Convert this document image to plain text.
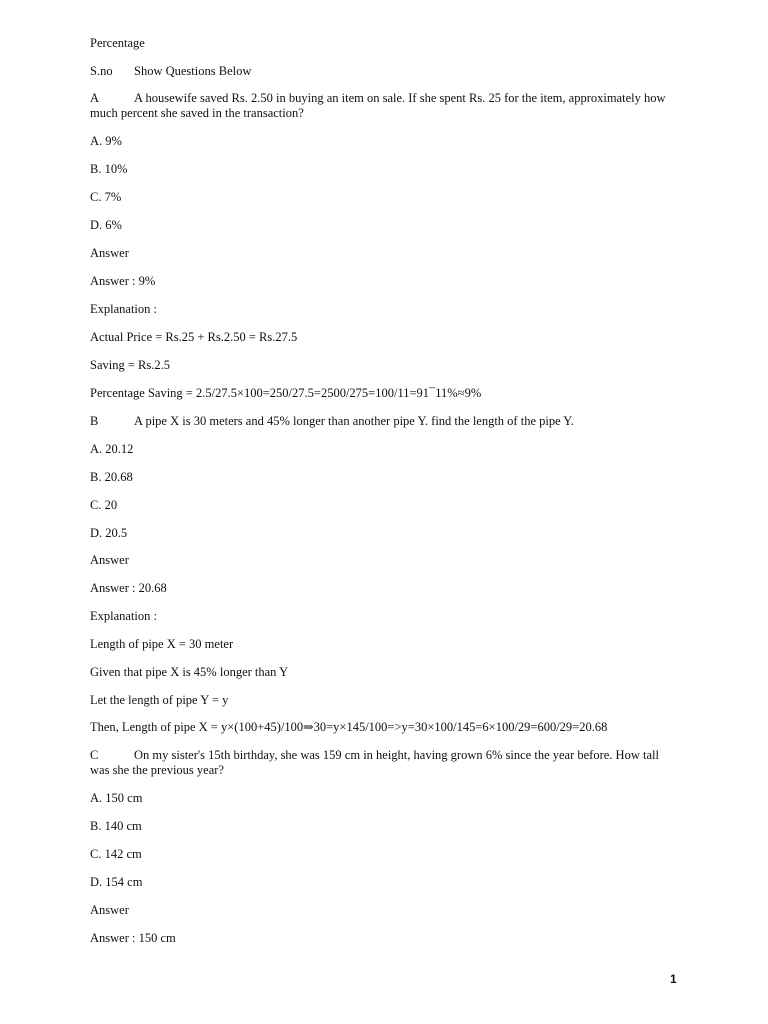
Percentage
S.no Show Questions Below
A	A housewife saved Rs. 2.50 in buying an item on sale. If she spent Rs. 25 for the item, approximately how much percent she saved in the transaction?
A. 9%
B. 10%
C. 7%
D. 6%
Answer
Answer : 9%
Explanation :
Actual Price = Rs.25 + Rs.2.50 = Rs.27.5
Saving = Rs.2.5
Percentage Saving = 2.5/27.5×100=250/27.5=2500/275=100/11=91¯11%≈9%
B	A pipe X is 30 meters and 45% longer than another pipe Y. find the length of the pipe Y.
A. 20.12
B. 20.68
C. 20
D. 20.5
Answer
Answer : 20.68
Explanation :
Length of pipe X = 30 meter
Given that pipe X is 45% longer than Y
Let the length of pipe Y = y
Then, Length of pipe X = y×(100+45)/100⇒30=y×145/100=>y=30×100/145=6×100/29=600/29=20.68
C	On my sister's 15th birthday, she was 159 cm in height, having grown 6% since the year before. How tall was she the previous year?
A. 150 cm
B. 140 cm
C. 142 cm
D. 154 cm
Answer
Answer : 150 cm
1
